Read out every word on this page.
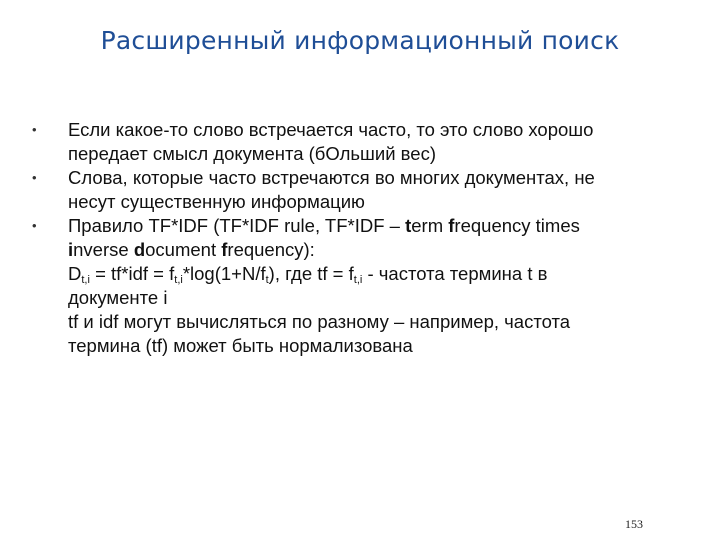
Расширенный информационный поиск
•	Если какое-то слово встречается часто, то это слово хорошо
передает смысл документа (бОльший вес)
•	Слова, которые часто встречаются во многих документах, не
несут существенную информацию
•	Правило TF*IDF (TF*IDF rule, TF*IDF – term frequency times
inverse document frequency):
$D_{t,i} = tf*idf = f_{t,i}*\log(1+N/f_t)$, где tf = $f_{t,i}$ - частота термина t в
документе i
tf и idf могут вычисляться по разному – например, частота
термина (tf) может быть нормализована
153
